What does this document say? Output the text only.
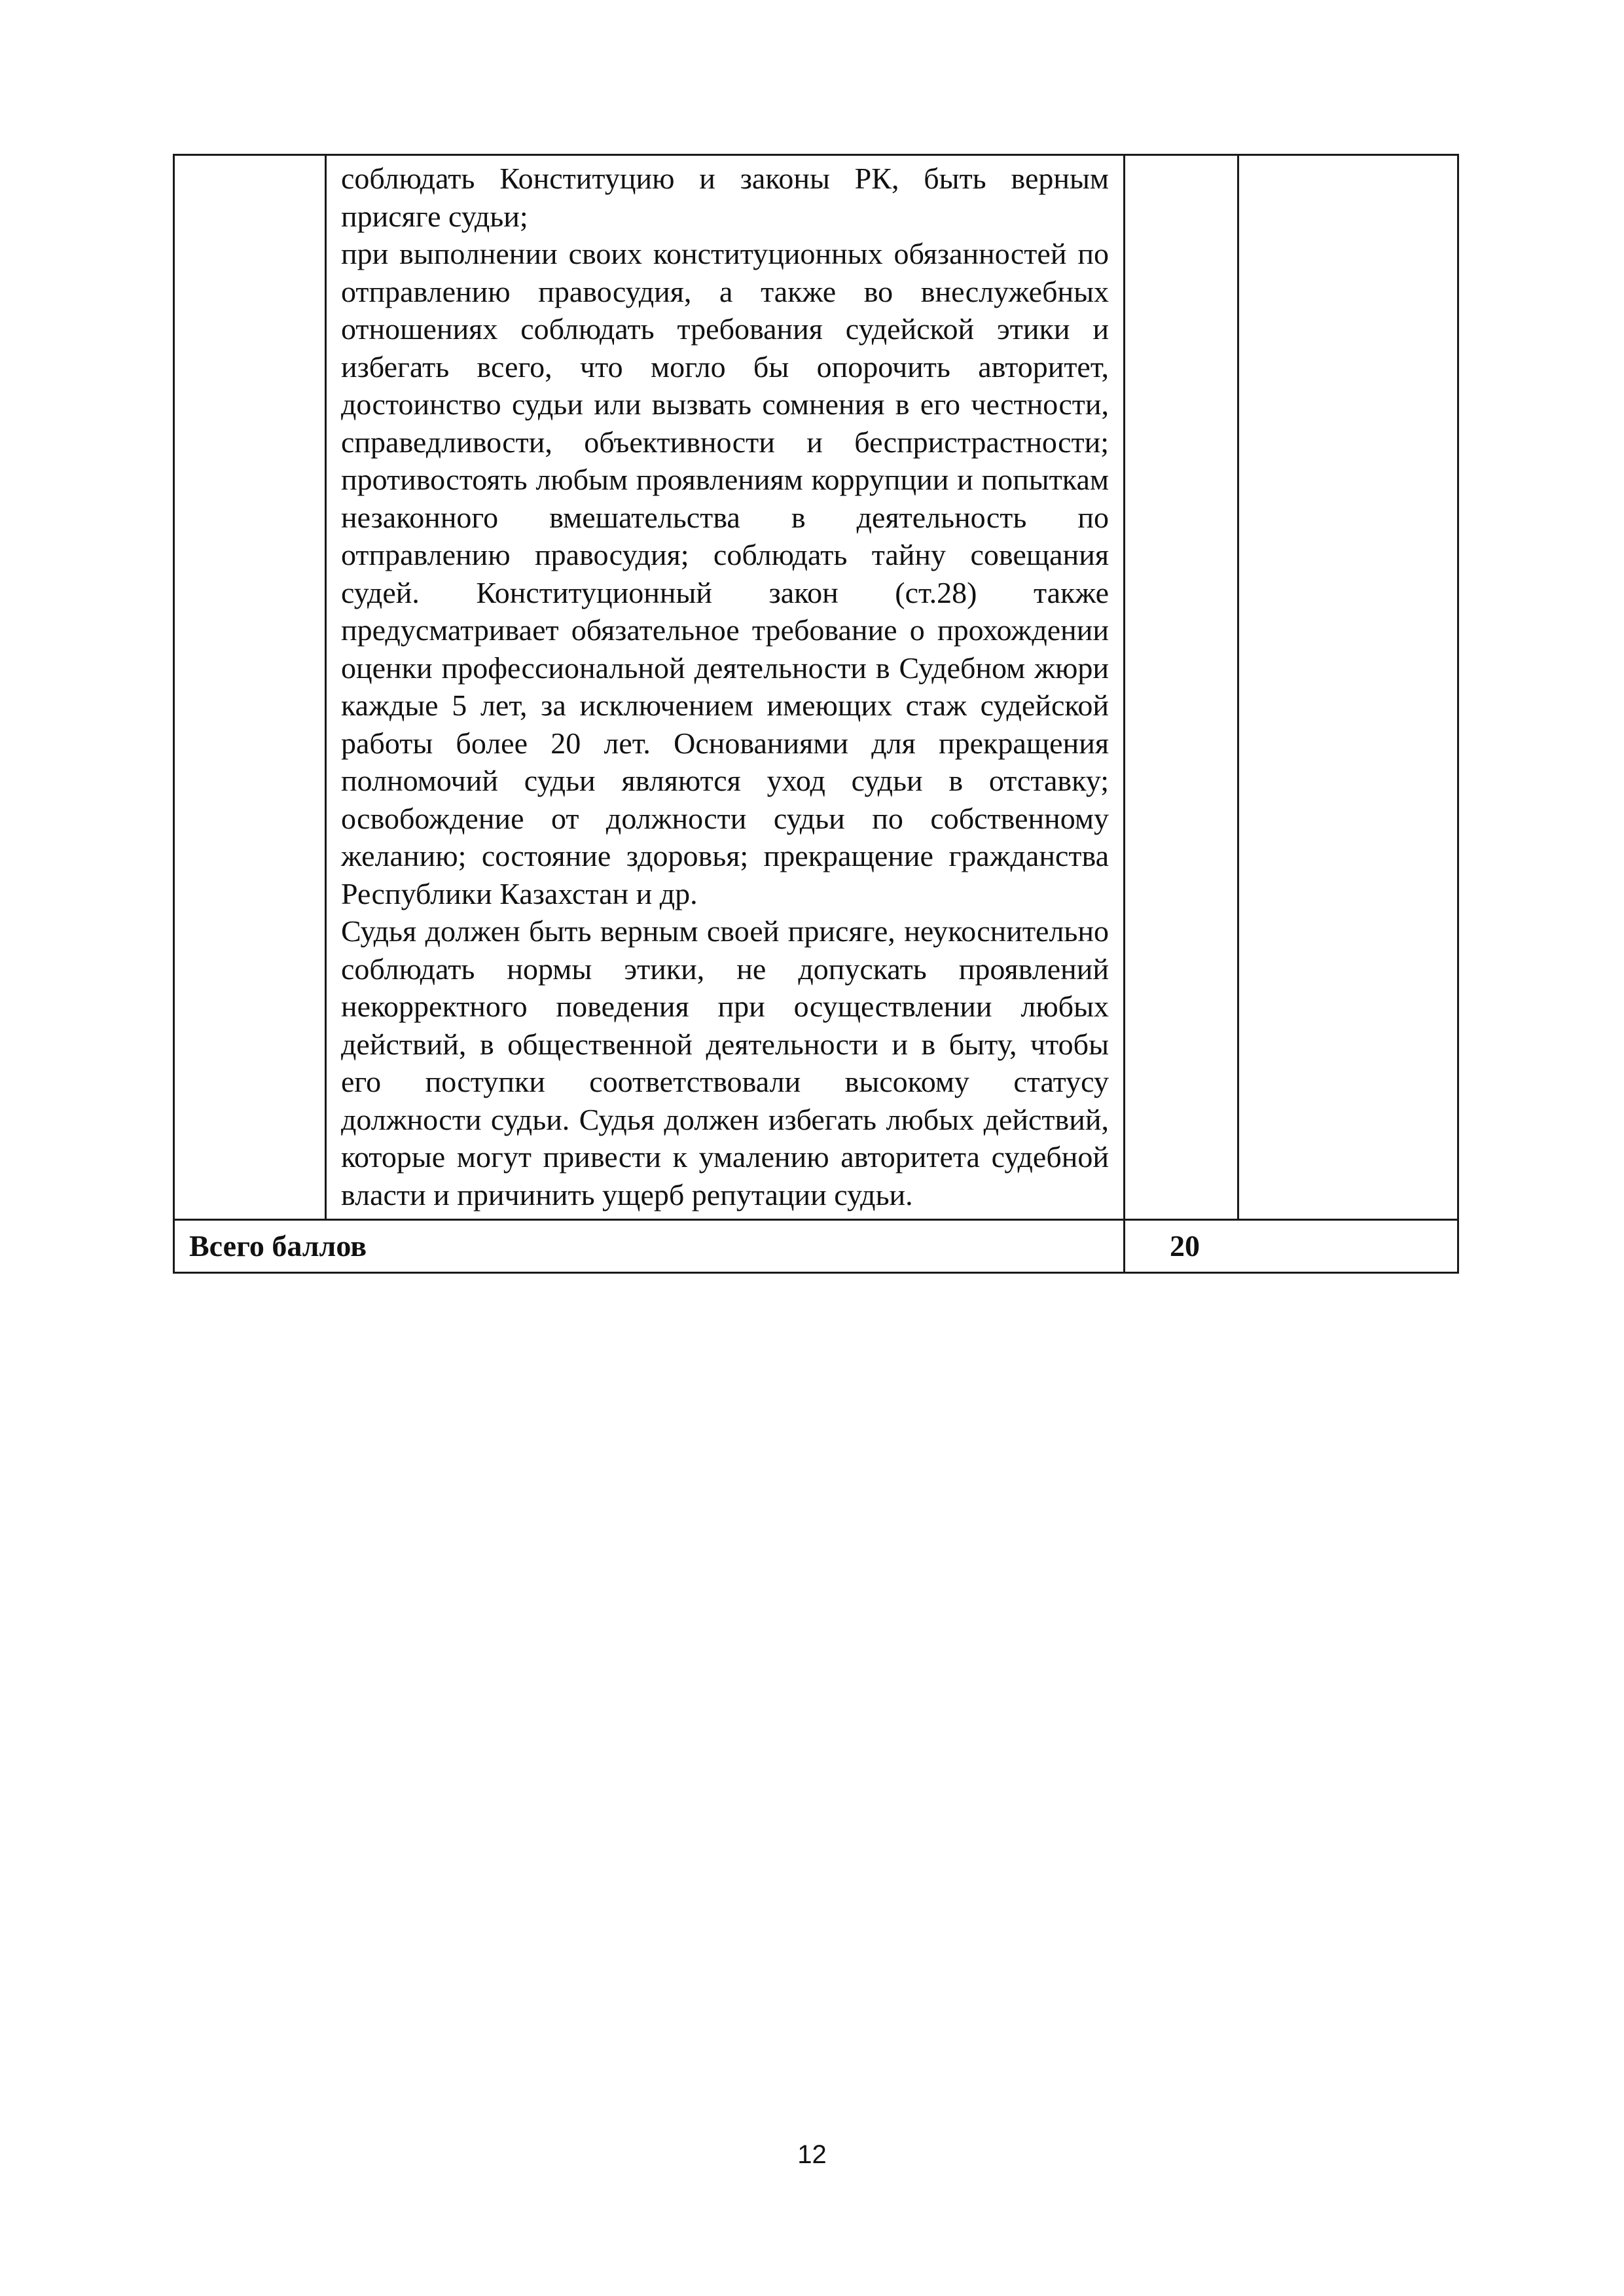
	соблюдать Конституцию и законы РК, быть верным присяге судьи;

при выполнении своих конституционных обязанностей по отправлению правосудия, а также во внеслужебных отношениях соблюдать требования судейской этики и избегать всего, что могло бы опорочить авторитет, достоинство судьи или вызвать сомнения в его честности, справедливости, объективности и беспристрастности; противостоять любым проявлениям коррупции и попыткам незаконного вмешательства в деятельность по отправлению правосудия; соблюдать тайну совещания судей. Конституционный закон (ст.28) также предусматривает обязательное требование о прохождении оценки профессиональной деятельности в Судебном жюри каждые 5 лет, за исключением имеющих стаж судейской работы более 20 лет. Основаниями для прекращения полномочий судьи являются уход судьи в отставку; освобождение от должности судьи по собственному желанию; состояние здоровья; прекращение гражданства Республики Казахстан и др.

Судья должен быть верным своей присяге, неукоснительно соблюдать нормы этики, не допускать проявлений некорректного поведения при осуществлении любых действий, в общественной деятельности и в быту, чтобы его поступки соответствовали высокому статусу должности судьи. Судья должен избегать любых действий, которые могут привести к умалению авторитета судебной власти и причинить ущерб репутации судьи.		

Всего баллов		20	
12
